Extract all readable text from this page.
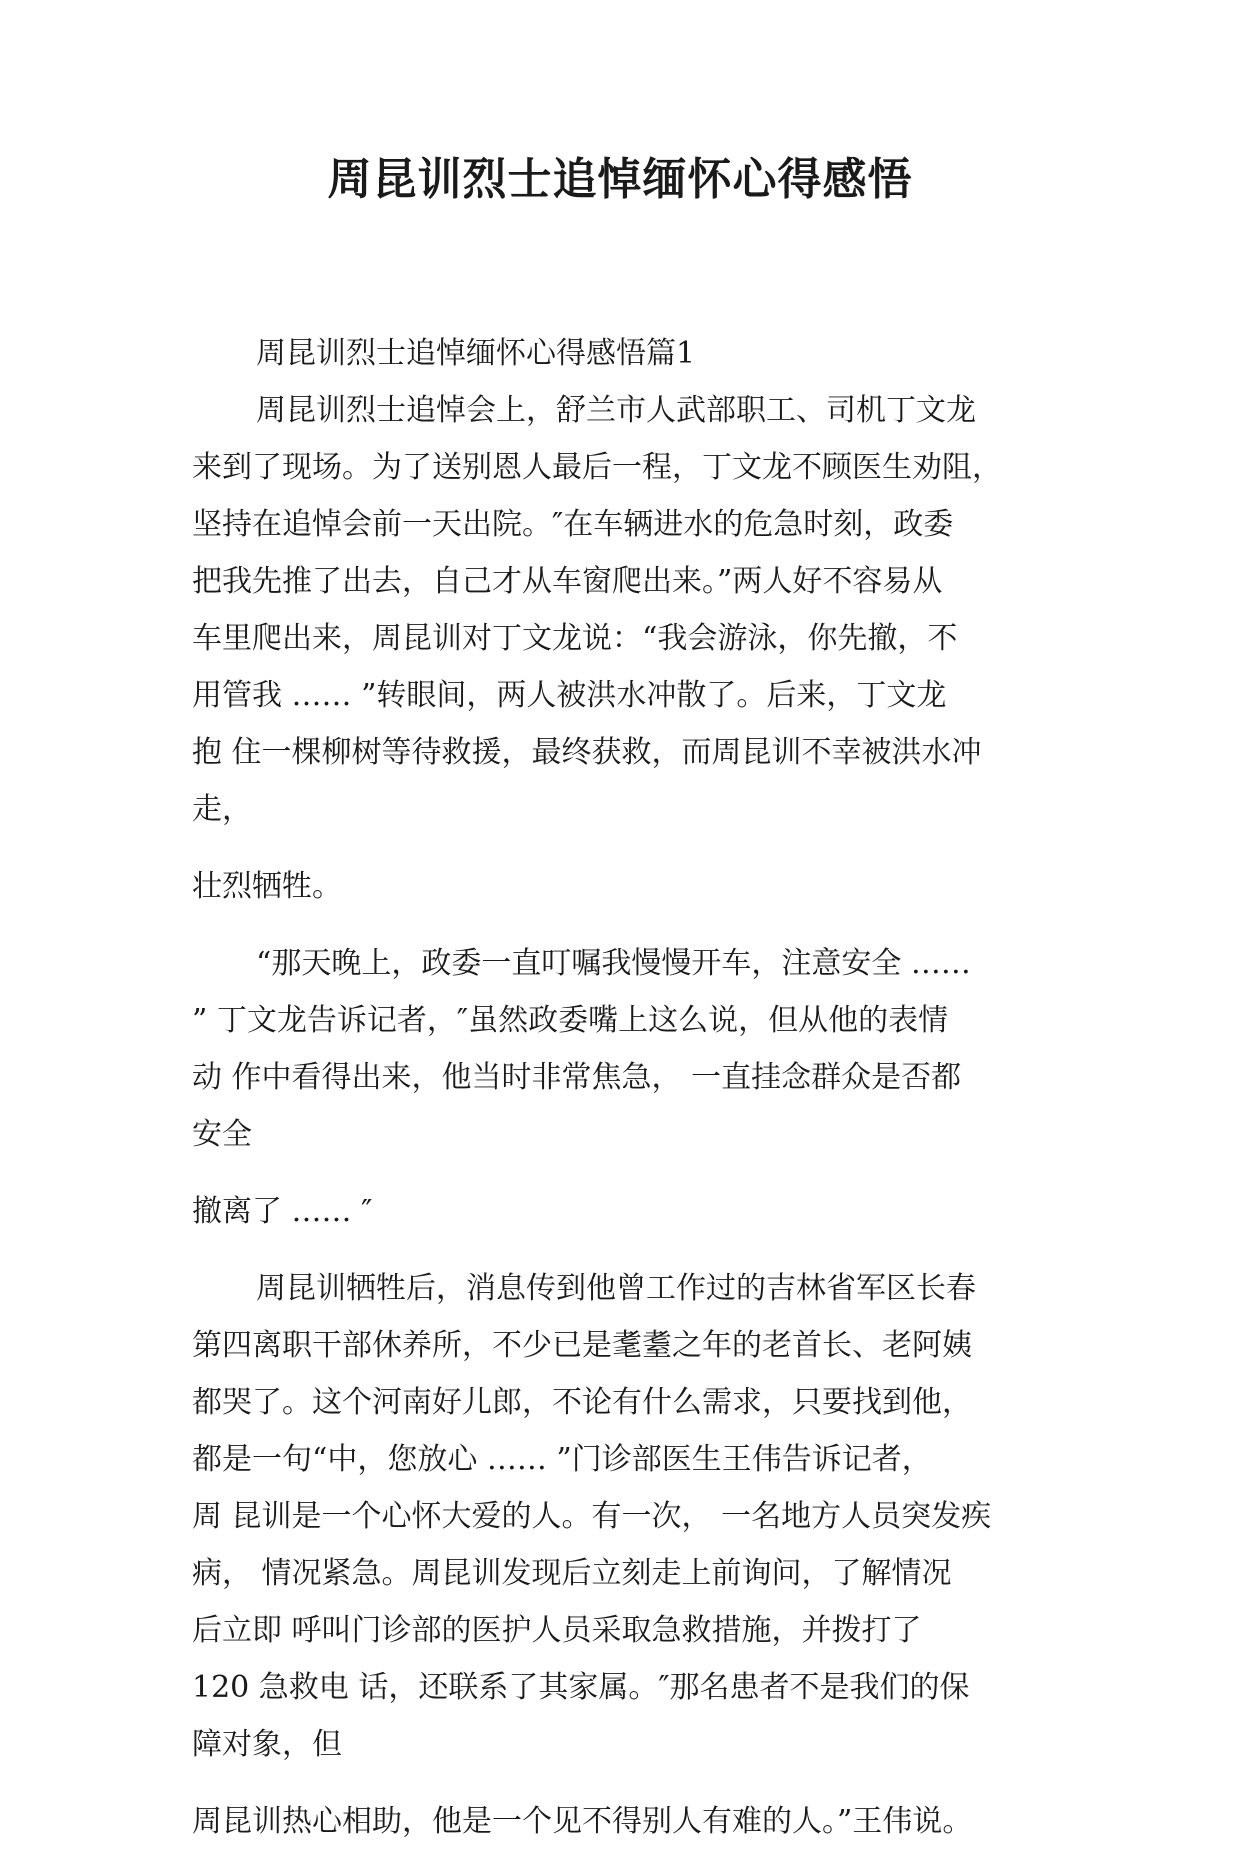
周昆训烈士追悼缅怀心得感悟

周昆训烈士追悼缅怀心得感悟篇1

周昆训烈士追悼会上，舒兰市人武部职工、司机丁文龙
来到了现场。为了送别恩人最后一程，丁文龙不顾医生劝阻，
坚持在追悼会前一天出院。″在车辆进水的危急时刻，政委
把我先推了出去，自己才从车窗爬出来。”两人好不容易从
车里爬出来，周昆训对丁文龙说：“我会游泳，你先撤，不
用管我 …… ”转眼间，两人被洪水冲散了。后来，丁文龙
抱 住一棵柳树等待救援，最终获救，而周昆训不幸被洪水冲
走，

壮烈牺牲。

“那天晚上，政委一直叮嘱我慢慢开车，注意安全 ……
” 丁文龙告诉记者，″虽然政委嘴上这么说，但从他的表情
动 作中看得出来，他当时非常焦急， 一直挂念群众是否都
安全

撤离了 …… ″

周昆训牺牲后，消息传到他曾工作过的吉林省军区长春
第四离职干部休养所，不少已是耄耋之年的老首长、老阿姨
都哭了。这个河南好儿郎，不论有什么需求，只要找到他，
都是一句“中，您放心 …… ”门诊部医生王伟告诉记者，
周 昆训是一个心怀大爱的人。有一次， 一名地方人员突发疾
病， 情况紧急。周昆训发现后立刻走上前询问，了解情况
后立即 呼叫门诊部的医护人员采取急救措施，并拨打了
120 急救电 话，还联系了其家属。″那名患者不是我们的保
障对象，但

周昆训热心相助，他是一个见不得别人有难的人。”王伟说。
